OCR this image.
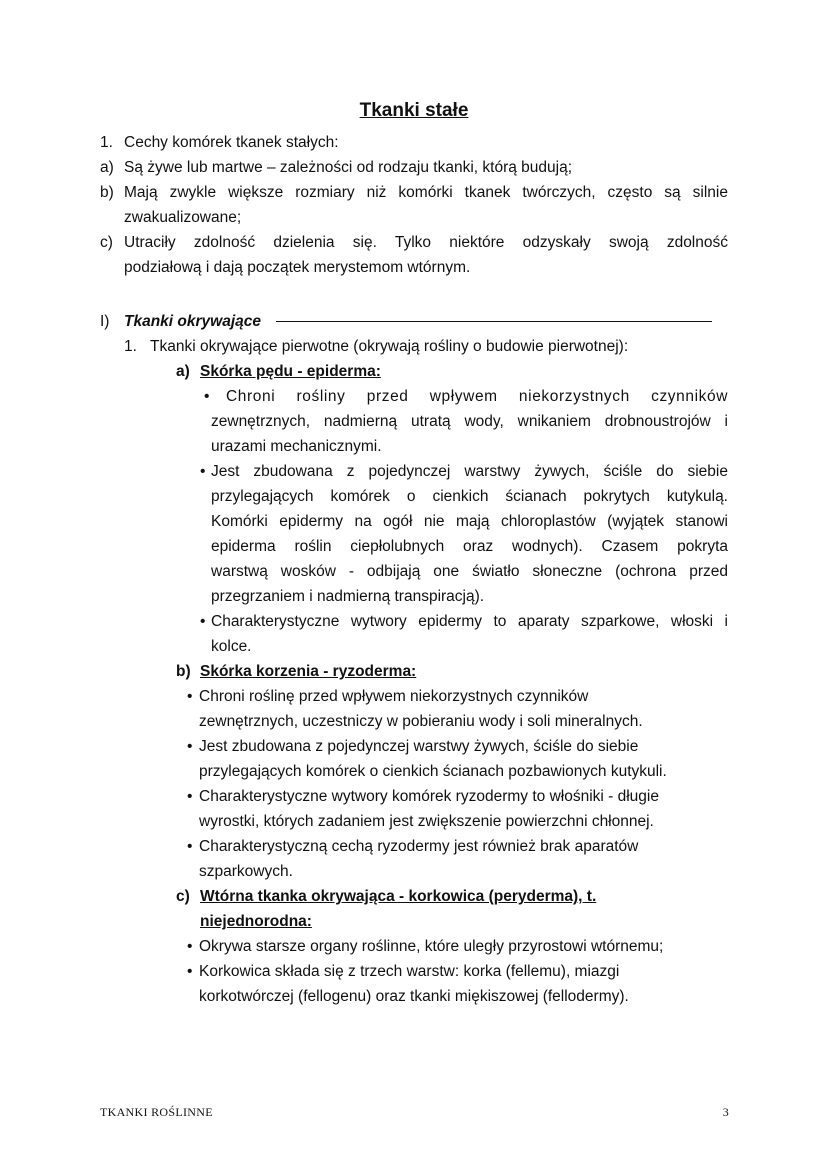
Tkanki stałe
1. Cechy komórek tkanek stałych:
a) Są żywe lub martwe – zależności od rodzaju tkanki, którą budują;
b) Mają zwykle większe rozmiary niż komórki tkanek twórczych, często są silnie
zwakualizowane;
c) Utraciły zdolność dzielenia się. Tylko niektóre odzyskały swoją zdolność
podziałową i dają początek merystemom wtórnym.
I) Tkanki okrywające
1. Tkanki okrywające pierwotne (okrywają rośliny o budowie pierwotnej):
a) Skórka pędu - epiderma:
• Chroni rośliny przed wpływem niekorzystnych czynników
zewnętrznych, nadmierną utratą wody, wnikaniem drobnoustrojów i
urazami mechanicznymi.
• Jest zbudowana z pojedynczej warstwy żywych, ściśle do siebie
przylegających komórek o cienkich ścianach pokrytych kutykulą.
Komórki epidermy na ogół nie mają chloroplastów (wyjątek stanowi
epiderma roślin ciepłolubnych oraz wodnych). Czasem pokryta
warstwą wosków - odbijają one światło słoneczne (ochrona przed
przegrzaniem i nadmierną transpiracją).
• Charakterystyczne wytwory epidermy to aparaty szparkowe, włoski i
kolce.
b) Skórka korzenia - ryzoderma:
• Chroni roślinę przed wpływem niekorzystnych czynników
zewnętrznych, uczestniczy w pobieraniu wody i soli mineralnych.
• Jest zbudowana z pojedynczej warstwy żywych, ściśle do siebie
przylegających komórek o cienkich ścianach pozbawionych kutykuli.
• Charakterystyczne wytwory komórek ryzodermy to włośniki - długie
wyrostki, których zadaniem jest zwiększenie powierzchni chłonnej.
• Charakterystyczną cechą ryzodermy jest również brak aparatów
szparkowych.
c) Wtórna tkanka okrywająca - korkowica (peryderma), t.
niejednorodna:
• Okrywa starsze organy roślinne, które uległy przyrostowi wtórnemu;
• Korkowica składa się z trzech warstw: korka (fellemu), miazgi
korkotwórczej (fellogenu) oraz tkanki miękiszowej (fellodermy).
TKANKI ROŚLINNE	3
